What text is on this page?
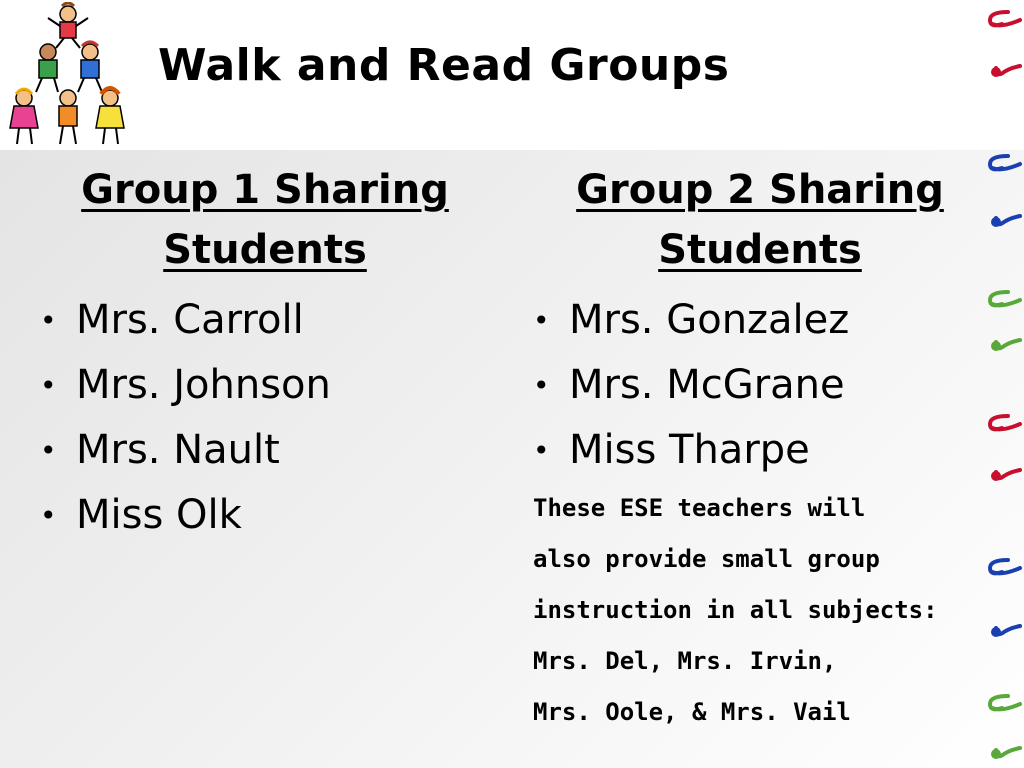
Walk and Read Groups
Group 1 Sharing
Students
• Mrs. Carroll
• Mrs. Johnson
• Mrs. Nault
• Miss Olk
Group 2 Sharing
Students
• Mrs. Gonzalez
• Mrs. McGrane
• Miss Tharpe
These ESE teachers will
also provide small group
instruction in all subjects:
Mrs. Del, Mrs. Irvin,
Mrs. Oole, & Mrs. Vail
